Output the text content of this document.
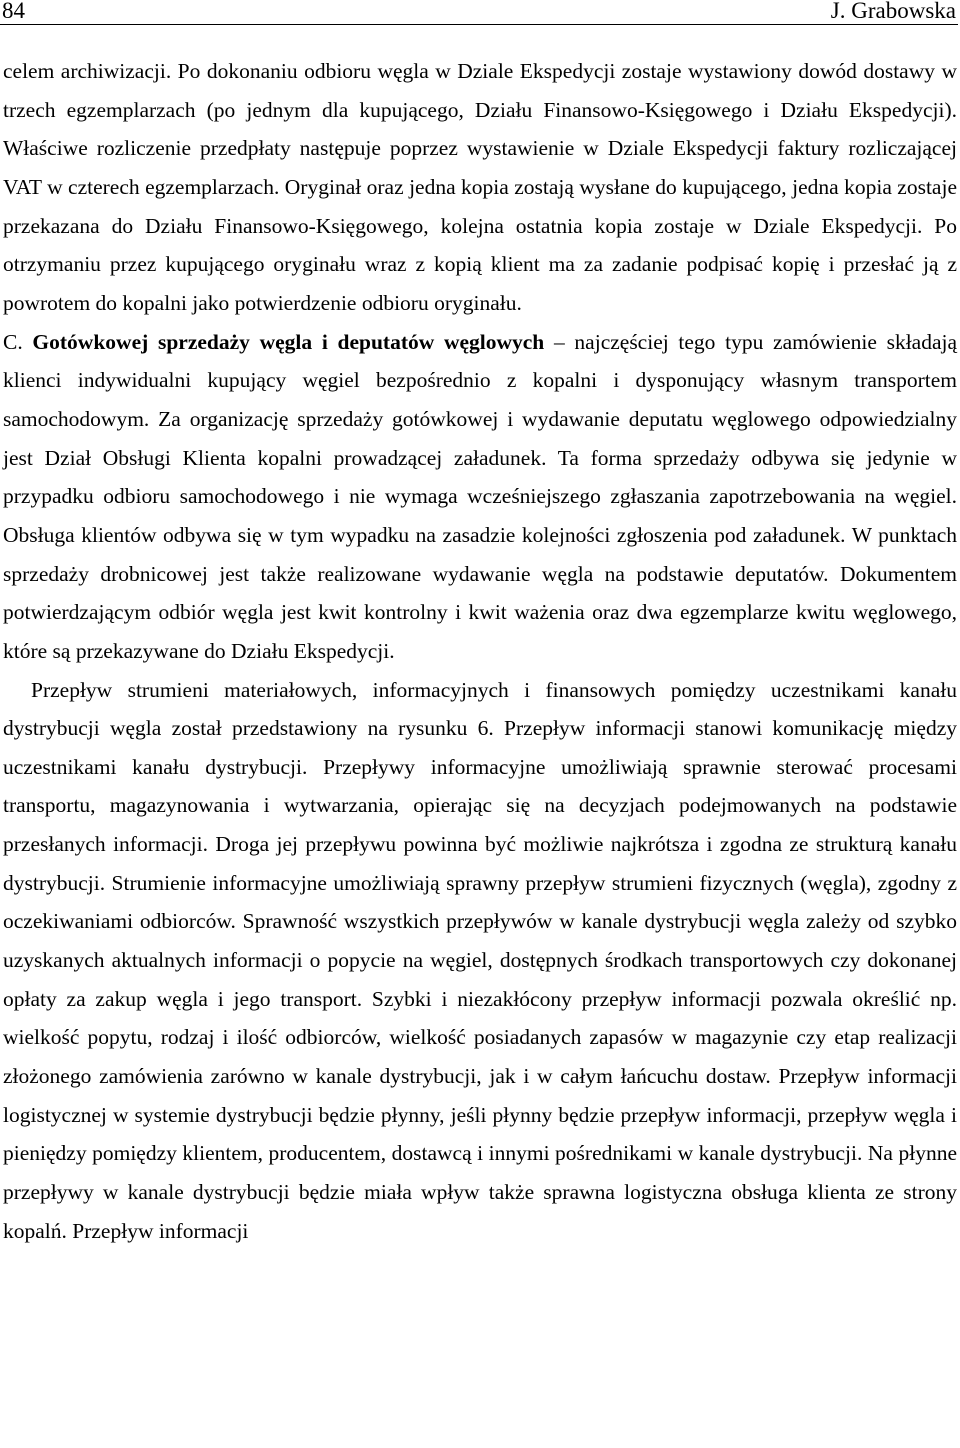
84	J. Grabowska

celem archiwizacji. Po dokonaniu odbioru węgla w Dziale Ekspedycji zostaje wystawiony dowód dostawy w trzech egzemplarzach (po jednym dla kupującego, Działu Finansowo-Księgowego i Działu Ekspedycji). Właściwe rozliczenie przedpłaty następuje poprzez wystawienie w Dziale Ekspedycji faktury rozliczającej VAT w czterech egzemplarzach. Oryginał oraz jedna kopia zostają wysłane do kupującego, jedna kopia zostaje przekazana do Działu Finansowo-Księgowego, kolejna ostatnia kopia zostaje w Dziale Ekspedycji. Po otrzymaniu przez kupującego oryginału wraz z kopią klient ma za zadanie podpisać kopię i przesłać ją z powrotem do kopalni jako potwierdzenie odbioru oryginału.

C. Gotówkowej sprzedaży węgla i deputatów węglowych – najczęściej tego typu zamówienie składają klienci indywidualni kupujący węgiel bezpośrednio z kopalni i dysponujący własnym transportem samochodowym. Za organizację sprzedaży gotówkowej i wydawanie deputatu węglowego odpowiedzialny jest Dział Obsługi Klienta kopalni prowadzącej załadunek. Ta forma sprzedaży odbywa się jedynie w przypadku odbioru samochodowego i nie wymaga wcześniejszego zgłaszania zapotrzebowania na węgiel. Obsługa klientów odbywa się w tym wypadku na zasadzie kolejności zgłoszenia pod załadunek. W punktach sprzedaży drobnicowej jest także realizowane wydawanie węgla na podstawie deputatów. Dokumentem potwierdzającym odbiór węgla jest kwit kontrolny i kwit ważenia oraz dwa egzemplarze kwitu węglowego, które są przekazywane do Działu Ekspedycji.

Przepływ strumieni materiałowych, informacyjnych i finansowych pomiędzy uczestnikami kanału dystrybucji węgla został przedstawiony na rysunku 6. Przepływ informacji stanowi komunikację między uczestnikami kanału dystrybucji. Przepływy informacyjne umożliwiają sprawnie sterować procesami transportu, magazynowania i wytwarzania, opierając się na decyzjach podejmowanych na podstawie przesłanych informacji. Droga jej przepływu powinna być możliwie najkrótsza i zgodna ze strukturą kanału dystrybucji. Strumienie informacyjne umożliwiają sprawny przepływ strumieni fizycznych (węgla), zgodny z oczekiwaniami odbiorców. Sprawność wszystkich przepływów w kanale dystrybucji węgla zależy od szybko uzyskanych aktualnych informacji o popycie na węgiel, dostępnych środkach transportowych czy dokonanej opłaty za zakup węgla i jego transport. Szybki i niezakłócony przepływ informacji pozwala określić np. wielkość popytu, rodzaj i ilość odbiorców, wielkość posiadanych zapasów w magazynie czy etap realizacji złożonego zamówienia zarówno w kanale dystrybucji, jak i w całym łańcuchu dostaw. Przepływ informacji logistycznej w systemie dystrybucji będzie płynny, jeśli płynny będzie przepływ informacji, przepływ węgla i pieniędzy pomiędzy klientem, producentem, dostawcą i innymi pośrednikami w kanale dystrybucji. Na płynne przepływy w kanale dystrybucji będzie miała wpływ także sprawna logistyczna obsługa klienta ze strony kopalń. Przepływ informacji
